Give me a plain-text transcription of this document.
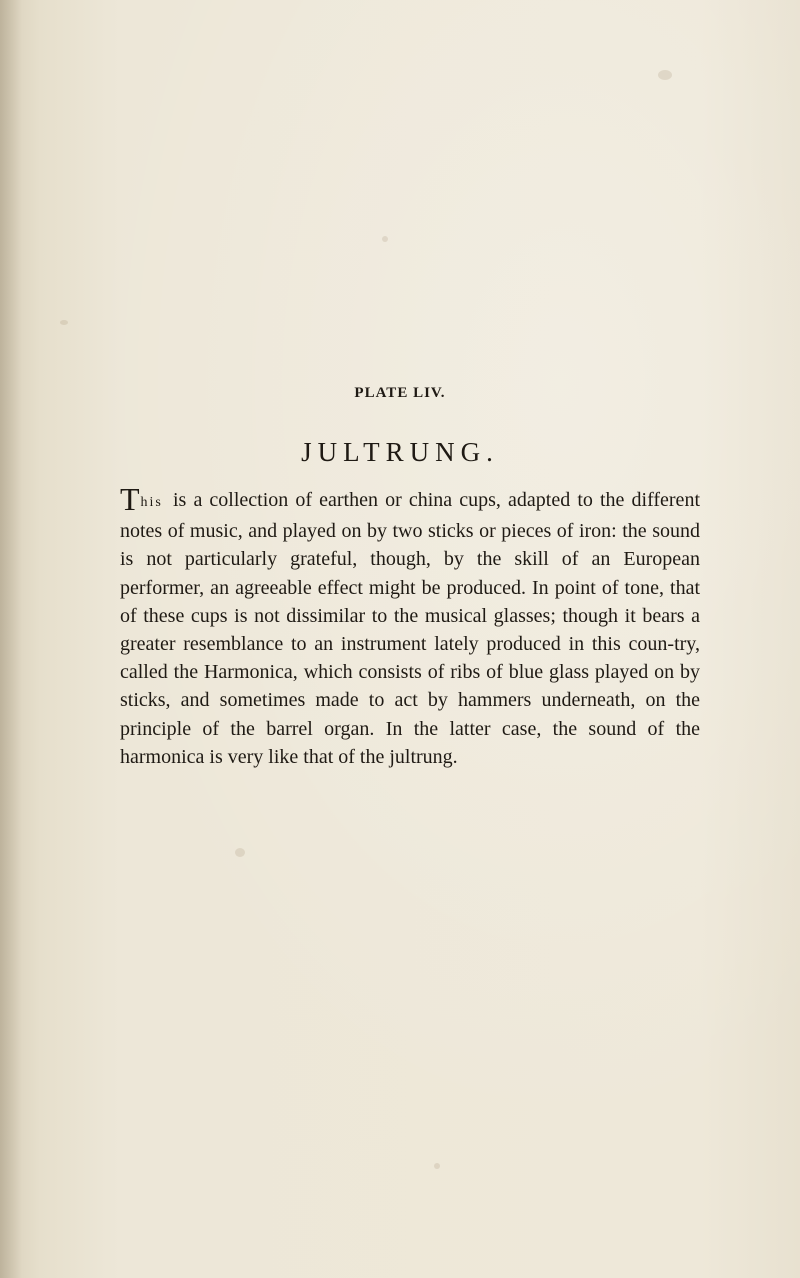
PLATE LIV.
JULTRUNG.
This is a collection of earthen or china cups, adapted to the different notes of music, and played on by two sticks or pieces of iron: the sound is not particularly grateful, though, by the skill of an European performer, an agreeable effect might be produced. In point of tone, that of these cups is not dissimilar to the musical glasses; though it bears a greater resemblance to an instrument lately produced in this coun-try, called the Harmonica, which consists of ribs of blue glass played on by sticks, and sometimes made to act by hammers underneath, on the principle of the barrel organ. In the latter case, the sound of the harmonica is very like that of the jultrung.
